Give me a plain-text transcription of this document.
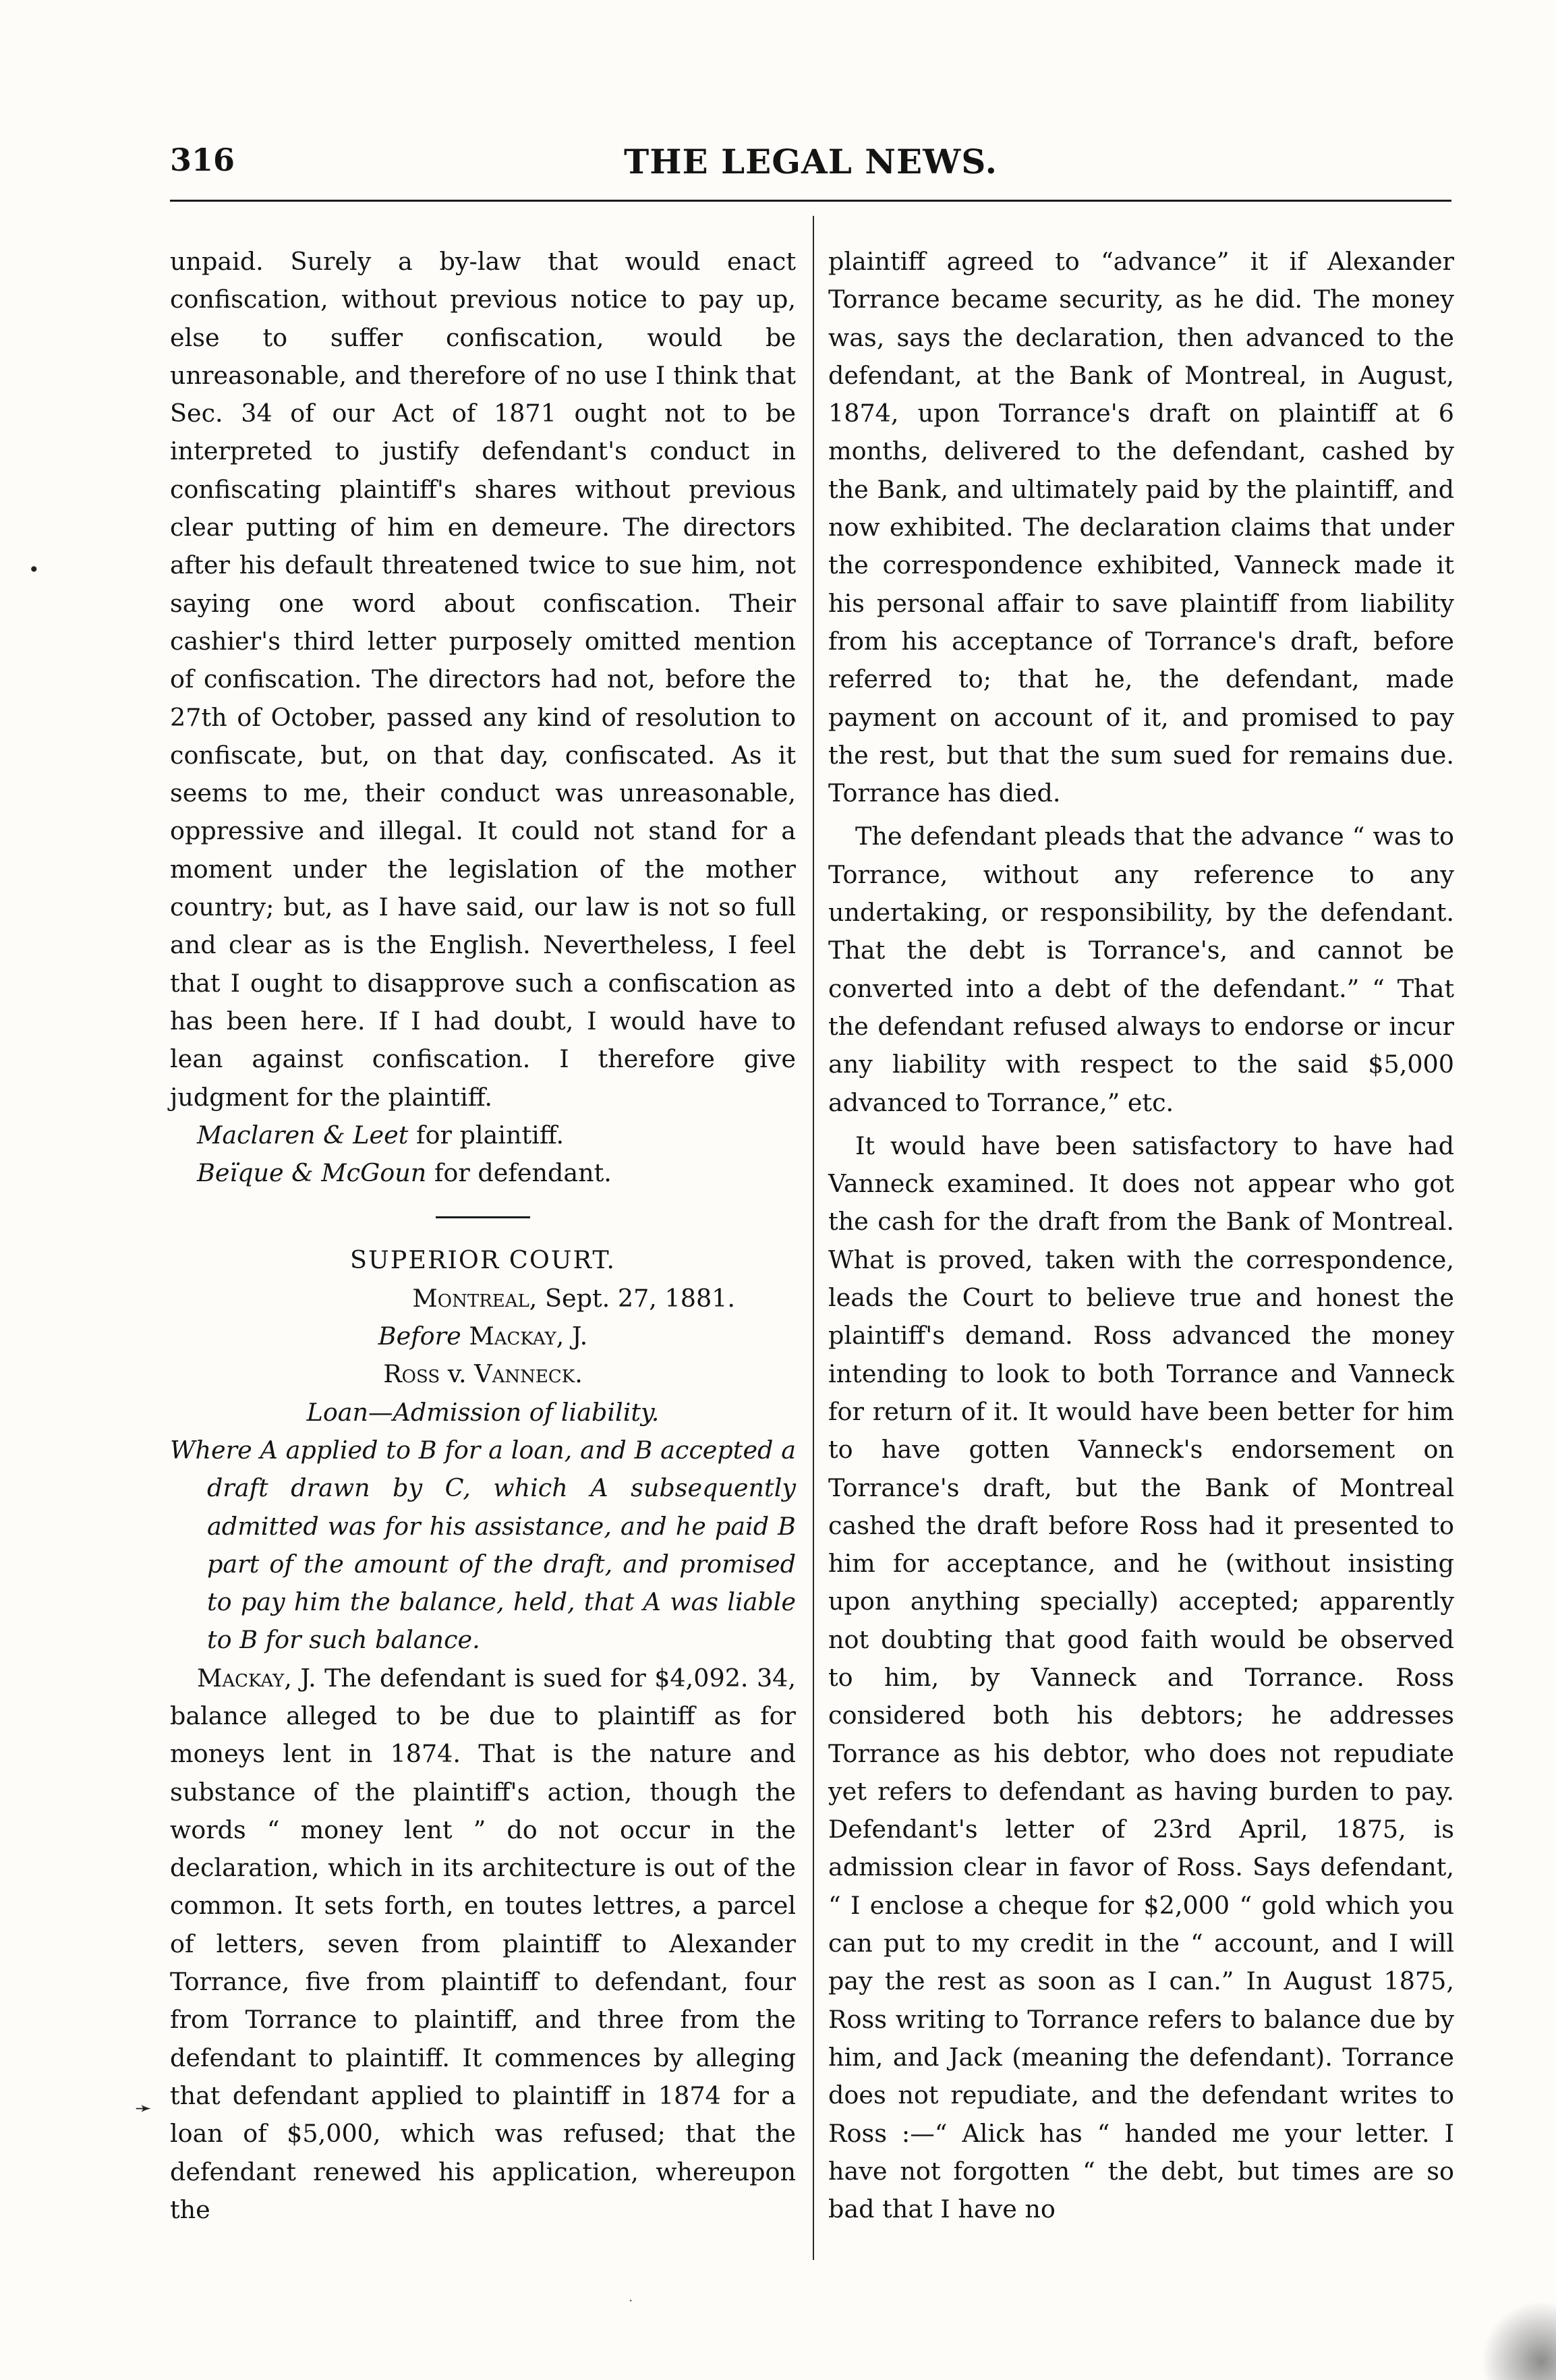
316	THE LEGAL NEWS.
•
➛
·

unpaid. Surely a by-law that would enact confiscation, without previous notice to pay up, else to suffer confiscation, would be unreasonable, and therefore of no use I think that Sec. 34 of our Act of 1871 ought not to be interpreted to justify defendant's conduct in confiscating plaintiff's shares without previous clear putting of him en demeure. The directors after his default threatened twice to sue him, not saying one word about confiscation. Their cashier's third letter purposely omitted mention of confiscation. The directors had not, before the 27th of October, passed any kind of resolution to confiscate, but, on that day, confiscated. As it seems to me, their conduct was unreasonable, oppressive and illegal. It could not stand for a moment under the legislation of the mother country; but, as I have said, our law is not so full and clear as is the English. Nevertheless, I feel that I ought to disapprove such a confiscation as has been here. If I had doubt, I would have to lean against confiscation. I therefore give judgment for the plaintiff.

Maclaren & Leet for plaintiff.

Beïque & McGoun for defendant.

SUPERIOR COURT.

Montreal, Sept. 27, 1881.

Before Mackay, J.

Ross v. Vanneck.

Loan—Admission of liability.

Where A applied to B for a loan, and B accepted a draft drawn by C, which A subsequently admitted was for his assistance, and he paid B part of the amount of the draft, and promised to pay him the balance, held, that A was liable to B for such balance.

Mackay, J. The defendant is sued for $4,092. 34, balance alleged to be due to plaintiff as for moneys lent in 1874. That is the nature and substance of the plaintiff's action, though the words “ money lent ” do not occur in the declaration, which in its architecture is out of the common. It sets forth, en toutes lettres, a parcel of letters, seven from plaintiff to Alexander Torrance, five from plaintiff to defendant, four from Torrance to plaintiff, and three from the defendant to plaintiff. It commences by alleging that defendant applied to plaintiff in 1874 for a loan of $5,000, which was refused; that the defendant renewed his application, whereupon the

plaintiff agreed to “advance” it if Alexander Torrance became security, as he did. The money was, says the declaration, then advanced to the defendant, at the Bank of Montreal, in August, 1874, upon Torrance's draft on plaintiff at 6 months, delivered to the defendant, cashed by the Bank, and ultimately paid by the plaintiff, and now exhibited. The declaration claims that under the correspondence exhibited, Vanneck made it his personal affair to save plaintiff from liability from his acceptance of Torrance's draft, before referred to; that he, the defendant, made payment on account of it, and promised to pay the rest, but that the sum sued for remains due. Torrance has died.

The defendant pleads that the advance “ was to Torrance, without any reference to any undertaking, or responsibility, by the defendant. That the debt is Torrance's, and cannot be converted into a debt of the defendant.” “ That the defendant refused always to endorse or incur any liability with respect to the said $5,000 advanced to Torrance,” etc.

It would have been satisfactory to have had Vanneck examined. It does not appear who got the cash for the draft from the Bank of Montreal. What is proved, taken with the correspondence, leads the Court to believe true and honest the plaintiff's demand. Ross advanced the money intending to look to both Torrance and Vanneck for return of it. It would have been better for him to have gotten Vanneck's endorsement on Torrance's draft, but the Bank of Montreal cashed the draft before Ross had it presented to him for acceptance, and he (without insisting upon anything specially) accepted; apparently not doubting that good faith would be observed to him, by Vanneck and Torrance. Ross considered both his debtors; he addresses Torrance as his debtor, who does not repudiate yet refers to defendant as having burden to pay. Defendant's letter of 23rd April, 1875, is admission clear in favor of Ross. Says defendant, “ I enclose a cheque for $2,000 “ gold which you can put to my credit in the “ account, and I will pay the rest as soon as I can.” In August 1875, Ross writing to Torrance refers to balance due by him, and Jack (meaning the defendant). Torrance does not repudiate, and the defendant writes to Ross :—“ Alick has “ handed me your letter. I have not forgotten “ the debt, but times are so bad that I have no
